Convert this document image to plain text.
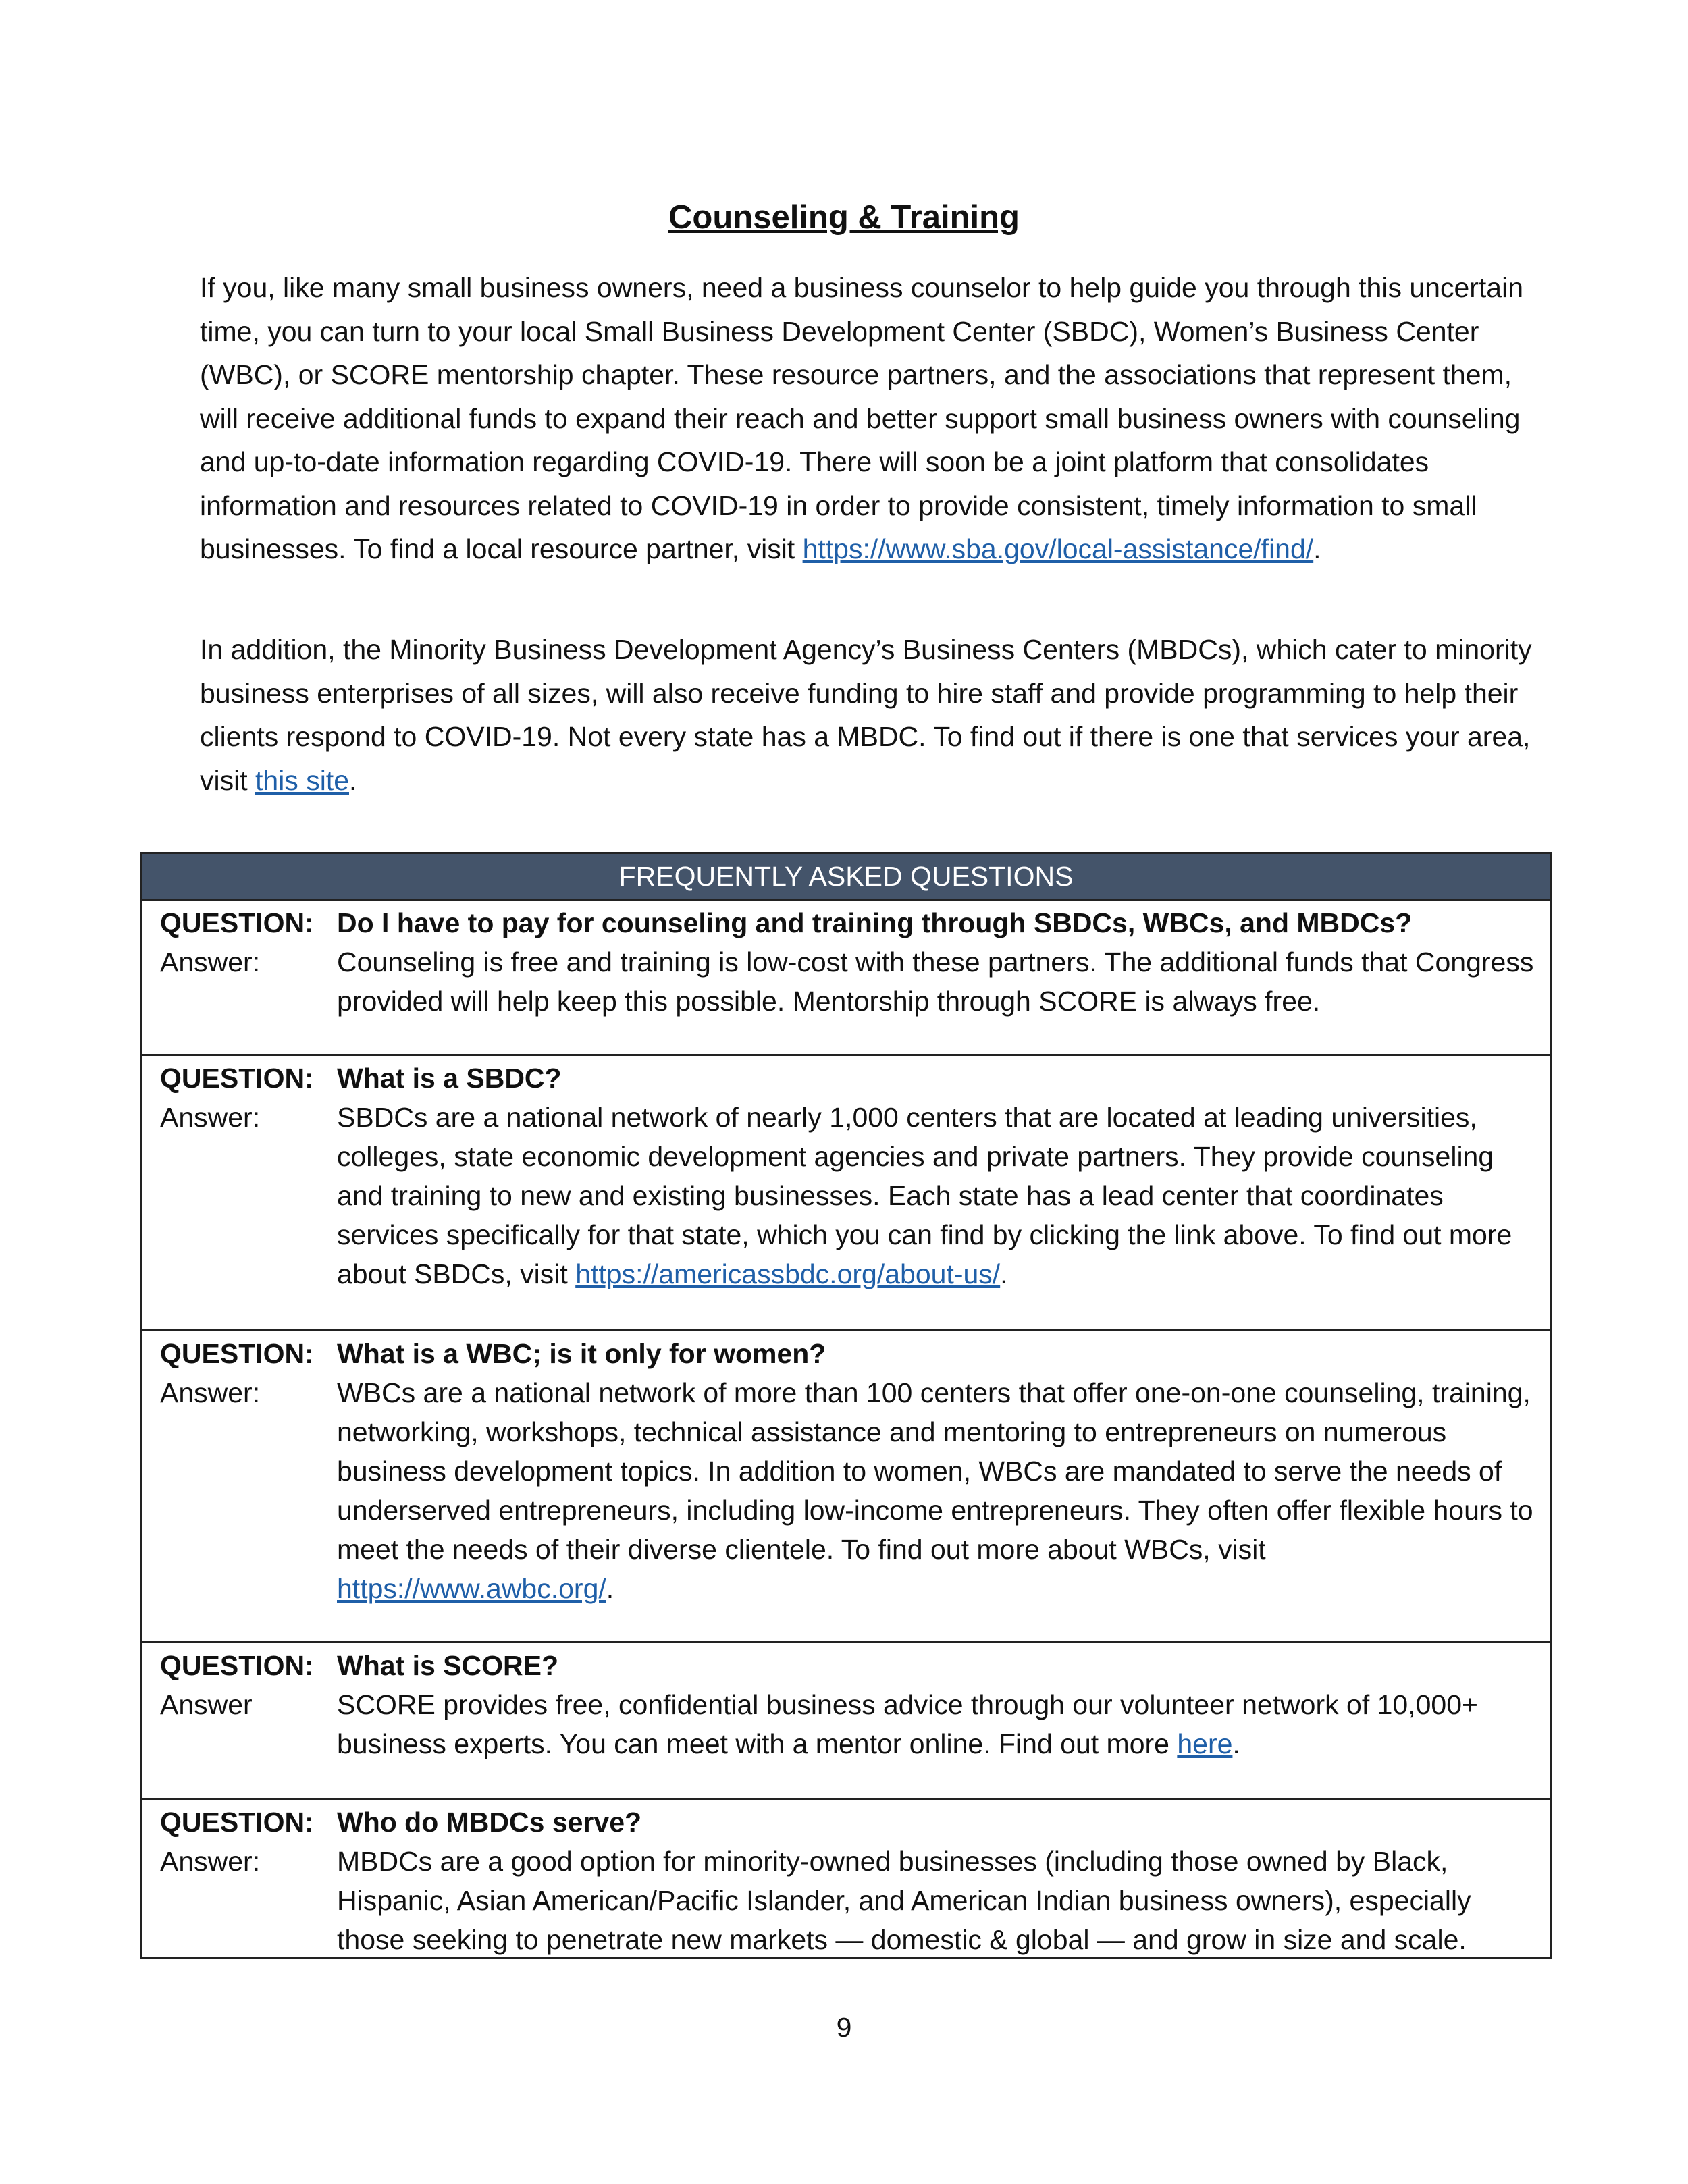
Counseling & Training
If you, like many small business owners, need a business counselor to help guide you through this uncertain time, you can turn to your local Small Business Development Center (SBDC), Women’s Business Center (WBC), or SCORE mentorship chapter. These resource partners, and the associations that represent them, will receive additional funds to expand their reach and better support small business owners with counseling and up-to-date information regarding COVID-19. There will soon be a joint platform that consolidates information and resources related to COVID-19 in order to provide consistent, timely information to small businesses. To find a local resource partner, visit https://www.sba.gov/local-assistance/find/.
In addition, the Minority Business Development Agency’s Business Centers (MBDCs), which cater to minority business enterprises of all sizes, will also receive funding to hire staff and provide programming to help their clients respond to COVID-19. Not every state has a MBDC. To find out if there is one that services your area, visit this site.
FREQUENTLY ASKED QUESTIONS
QUESTION: Do I have to pay for counseling and training through SBDCs, WBCs, and MBDCs?
Answer:	Counseling is free and training is low-cost with these partners. The additional funds that Congress provided will help keep this possible. Mentorship through SCORE is always free.
QUESTION: What is a SBDC?
Answer:	SBDCs are a national network of nearly 1,000 centers that are located at leading universities, colleges, state economic development agencies and private partners. They provide counseling and training to new and existing businesses. Each state has a lead center that coordinates services specifically for that state, which you can find by clicking the link above. To find out more about SBDCs, visit https://americassbdc.org/about-us/.
QUESTION: What is a WBC; is it only for women?
Answer:	WBCs are a national network of more than 100 centers that offer one-on-one counseling, training, networking, workshops, technical assistance and mentoring to entrepreneurs on numerous business development topics. In addition to women, WBCs are mandated to serve the needs of underserved entrepreneurs, including low-income entrepreneurs. They often offer flexible hours to meet the needs of their diverse clientele. To find out more about WBCs, visit https://www.awbc.org/.
QUESTION: What is SCORE?
Answer	SCORE provides free, confidential business advice through our volunteer network of 10,000+ business experts. You can meet with a mentor online. Find out more here.
QUESTION: Who do MBDCs serve?
Answer:	MBDCs are a good option for minority-owned businesses (including those owned by Black, Hispanic, Asian American/Pacific Islander, and American Indian business owners), especially those seeking to penetrate new markets — domestic & global — and grow in size and scale.
9
